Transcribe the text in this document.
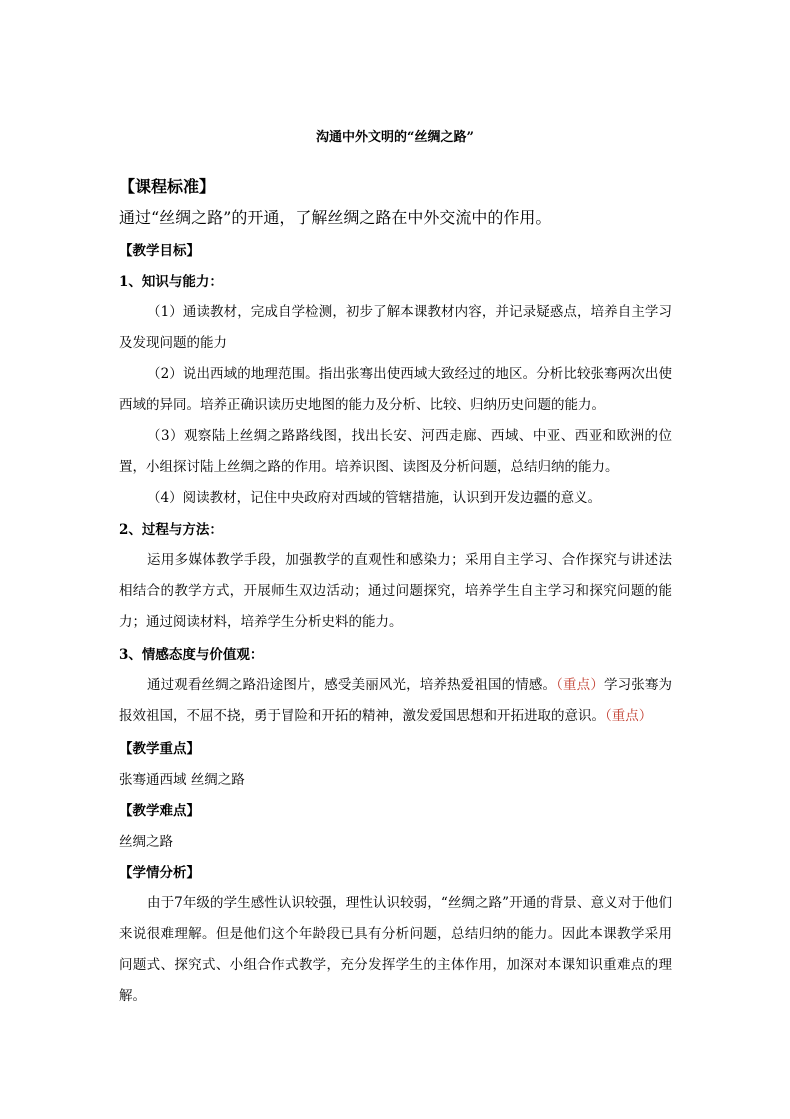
沟通中外文明的“丝绸之路”
【课程标准】
通过“丝绸之路”的开通，了解丝绸之路在中外交流中的作用。
【教学目标】
1、知识与能力：
（1）通读教材，完成自学检测，初步了解本课教材内容，并记录疑惑点，培养自主学习及发现问题的能力
（2）说出西域的地理范围。指出张骞出使西域大致经过的地区。分析比较张骞两次出使西域的异同。培养正确识读历史地图的能力及分析、比较、归纳历史问题的能力。
（3）观察陆上丝绸之路路线图，找出长安、河西走廊、西域、中亚、西亚和欧洲的位置，小组探讨陆上丝绸之路的作用。培养识图、读图及分析问题，总结归纳的能力。
（4）阅读教材，记住中央政府对西域的管辖措施，认识到开发边疆的意义。
2、过程与方法：
运用多媒体教学手段，加强教学的直观性和感染力；采用自主学习、合作探究与讲述法相结合的教学方式，开展师生双边活动；通过问题探究，培养学生自主学习和探究问题的能力；通过阅读材料，培养学生分析史料的能力。
3、情感态度与价值观：
通过观看丝绸之路沿途图片，感受美丽风光，培养热爱祖国的情感。（重点）学习张骞为报效祖国，不屈不挠，勇于冒险和开拓的精神，激发爱国思想和开拓进取的意识。（重点）
【教学重点】
张骞通西域 丝绸之路
【教学难点】
丝绸之路
【学情分析】
由于7年级的学生感性认识较强，理性认识较弱，“丝绸之路”开通的背景、意义对于他们来说很难理解。但是他们这个年龄段已具有分析问题，总结归纳的能力。因此本课教学采用问题式、探究式、小组合作式教学，充分发挥学生的主体作用，加深对本课知识重难点的理解。
